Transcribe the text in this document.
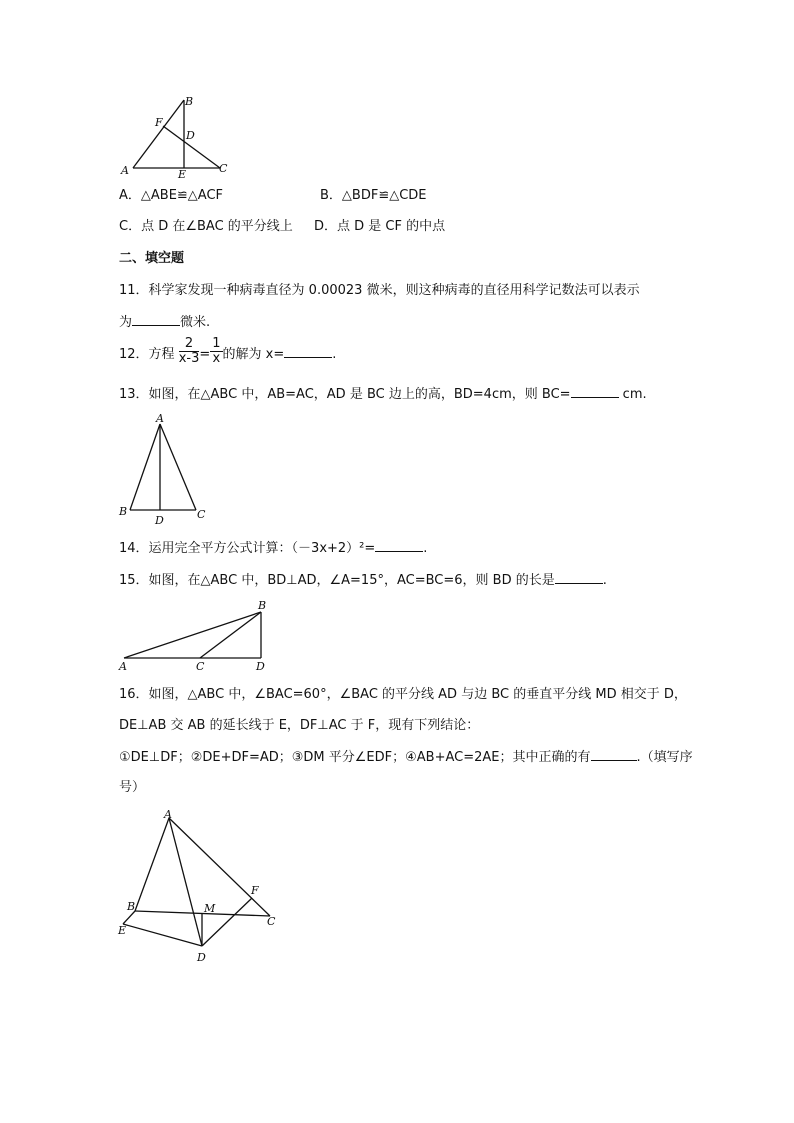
B
F
D
A	E	C
A．△ABE≌△ACF	B．△BDF≌△CDE
C．点 D 在∠BAC 的平分线上 D．点 D 是 CF 的中点
二、填空题
11．科学家发现一种病毒直径为 0.00023 微米，则这种病毒的直径用科学记数法可以表示
为	微米.
12．方程 $\frac{2}{x-3} = \frac{1}{x}$ 的解为 x=	.
13．如图，在△ABC 中，AB=AC，AD 是 BC 边上的高，BD=4cm，则 BC=	cm.
A
B
D	C
14．运用完全平方公式计算：（－3x+2）²=	.
15．如图，在△ABC 中，BD⊥AD，∠A=15°，AC=BC=6，则 BD 的长是	.
B
A	C	D
16．如图，△ABC 中，∠BAC=60°，∠BAC 的平分线 AD 与边 BC 的垂直平分线 MD 相交于 D，
DE⊥AB 交 AB 的延长线于 E，DF⊥AC 于 F，现有下列结论：
①DE⊥DF；②DE+DF=AD；③DM 平分∠EDF；④AB+AC=2AE；其中正确的有	.（填写序
号）
A
B	M
F
C
E
D
